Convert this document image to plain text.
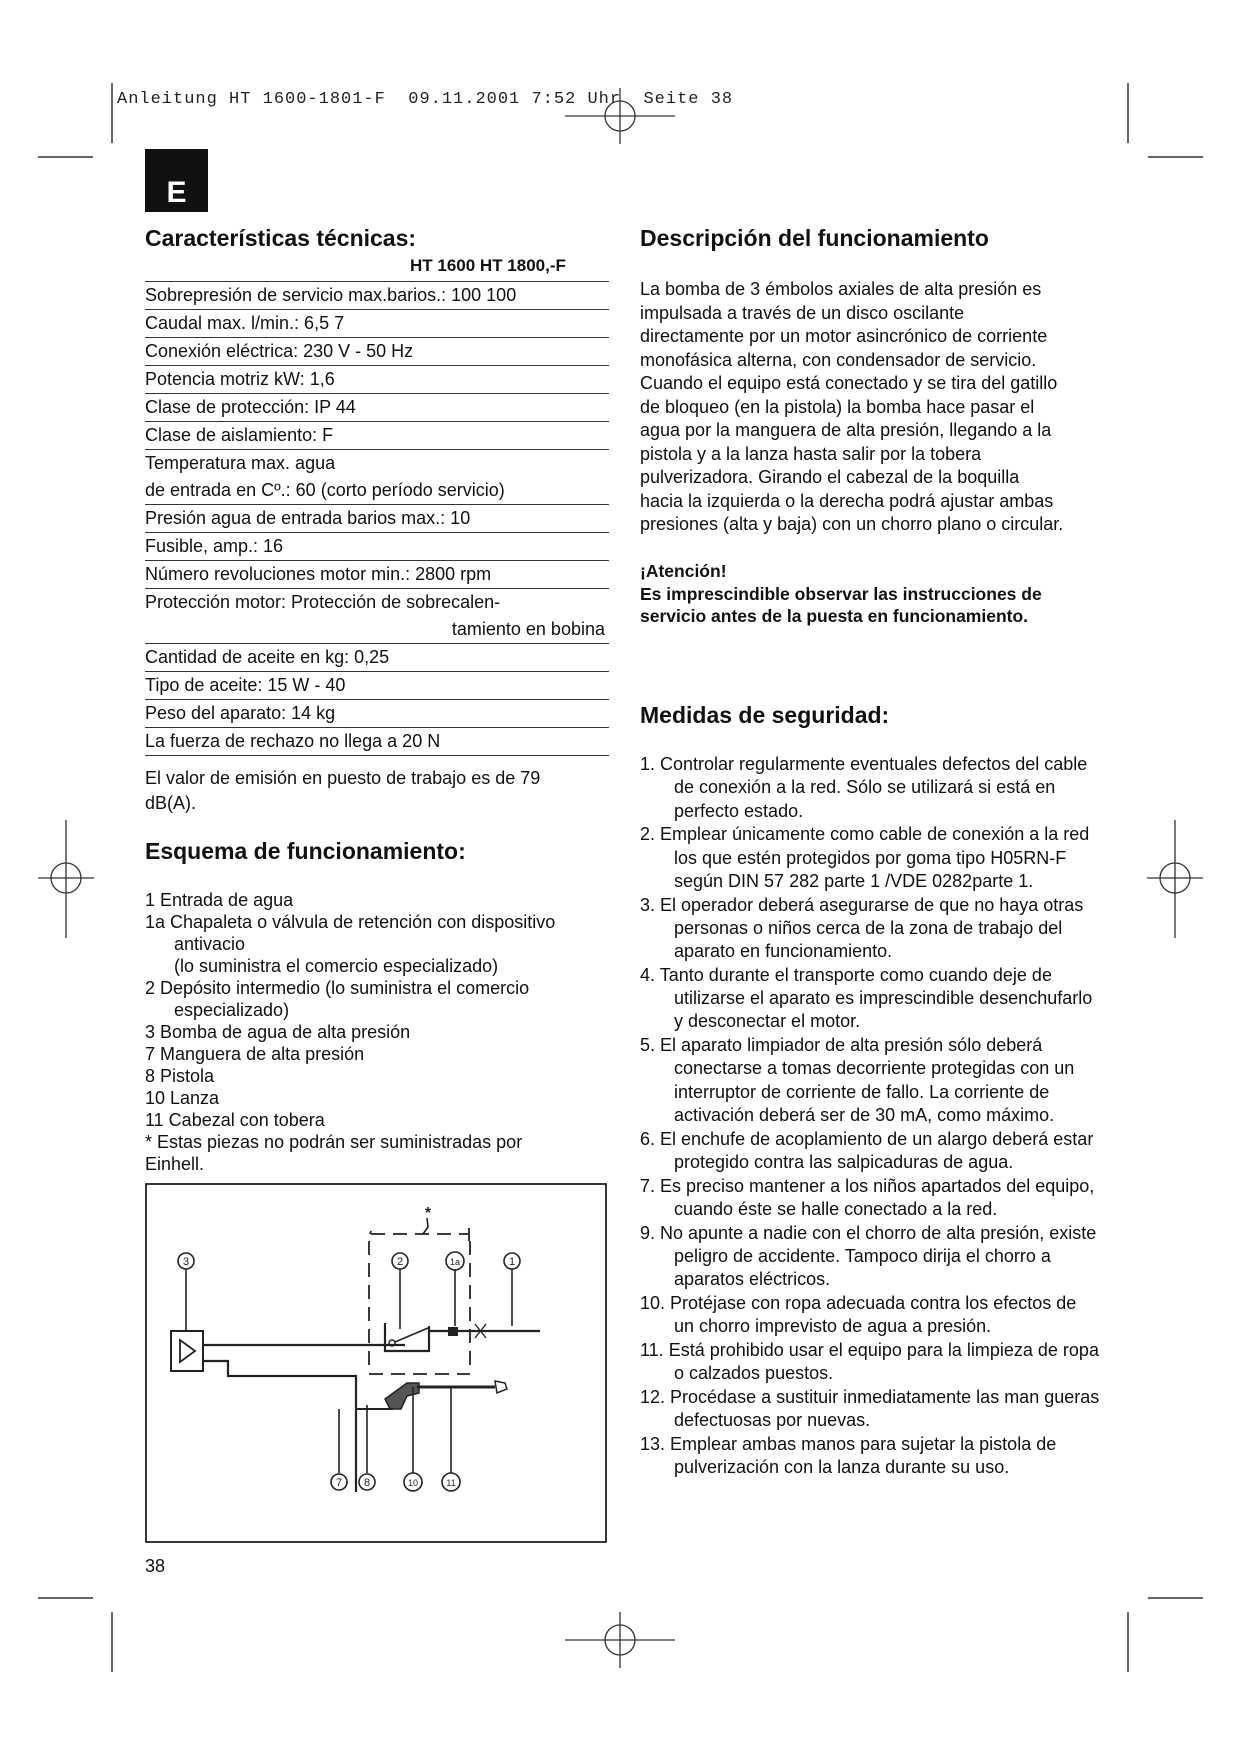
Anleitung HT 1600-1801-F  09.11.2001 7:52 Uhr  Seite 38
E
Características técnicas:
HT 1600 HT 1800,-F
Sobrepresión de servicio max.barios.: 100 100
Caudal max. l/min.: 6,5 7
Conexión eléctrica: 230 V - 50 Hz
Potencia motriz kW: 1,6
Clase de protección: IP 44
Clase de aislamiento: F
Temperatura max. agua
de entrada en Cº.: 60 (corto período servicio)
Presión agua de entrada barios max.: 10
Fusible, amp.: 16
Número revoluciones motor min.: 2800 rpm
Protección motor: Protección de sobrecalen-
tamiento en bobina
Cantidad de aceite en kg: 0,25
Tipo de aceite: 15 W - 40
Peso del aparato: 14 kg
La fuerza de rechazo no llega a 20 N
El valor de emisión en puesto de trabajo es de 79 dB(A).
Esquema de funcionamiento:
1 Entrada de agua
1a Chapaleta o válvula de retención con dispositivo
antivacio
(lo suministra el comercio especializado)
2 Depósito intermedio (lo suministra el comercio
especializado)
3 Bomba de agua de alta presión
7 Manguera de alta presión
8 Pistola
10 Lanza
11 Cabezal con tobera
* Estas piezas no podrán ser suministradas por
Einhell.
3	2	1a	1
*
7 8	10	11
38
Descripción del funcionamiento
La bomba de 3 émbolos axiales de alta presión es
impulsada a través de un disco oscilante
directamente por un motor asincrónico de corriente
monofásica alterna, con condensador de servicio.
Cuando el equipo está conectado y se tira del gatillo
de bloqueo (en la pistola) la bomba hace pasar el
agua por la manguera de alta presión, llegando a la
pistola y a la lanza hasta salir por la tobera
pulverizadora. Girando el cabezal de la boquilla
hacia la izquierda o la derecha podrá ajustar ambas
presiones (alta y baja) con un chorro plano o circular.
¡Atención!
Es imprescindible observar las instrucciones de
servicio antes de la puesta en funcionamiento.
Medidas de seguridad:
1. Controlar regularmente eventuales defectos del cable de conexión a la red. Sólo se utilizará si está en perfecto estado.
2. Emplear únicamente como cable de conexión a la red los que estén protegidos por goma tipo H05RN-F según DIN 57 282 parte 1 /VDE 0282parte 1.
3. El operador deberá asegurarse de que no haya otras personas o niños cerca de la zona de trabajo del aparato en funcionamiento.
4. Tanto durante el transporte como cuando deje de utilizarse el aparato es imprescindible desenchufarlo y desconectar el motor.
5. El aparato limpiador de alta presión sólo deberá conectarse a tomas decorriente protegidas con un interruptor de corriente de fallo. La corriente de activación deberá ser de 30 mA, como máximo.
6. El enchufe de acoplamiento de un alargo deberá estar protegido contra las salpicaduras de agua.
7. Es preciso mantener a los niños apartados del equipo, cuando éste se halle conectado a la red.
9. No apunte a nadie con el chorro de alta presión, existe peligro de accidente. Tampoco dirija el chorro a aparatos eléctricos.
10. Protéjase con ropa adecuada contra los efectos de un chorro imprevisto de agua a presión.
11. Está prohibido usar el equipo para la limpieza de ropa o calzados puestos.
12. Procédase a sustituir inmediatamente las man gueras defectuosas por nuevas.
13. Emplear ambas manos para sujetar la pistola de pulverización con la lanza durante su uso.
